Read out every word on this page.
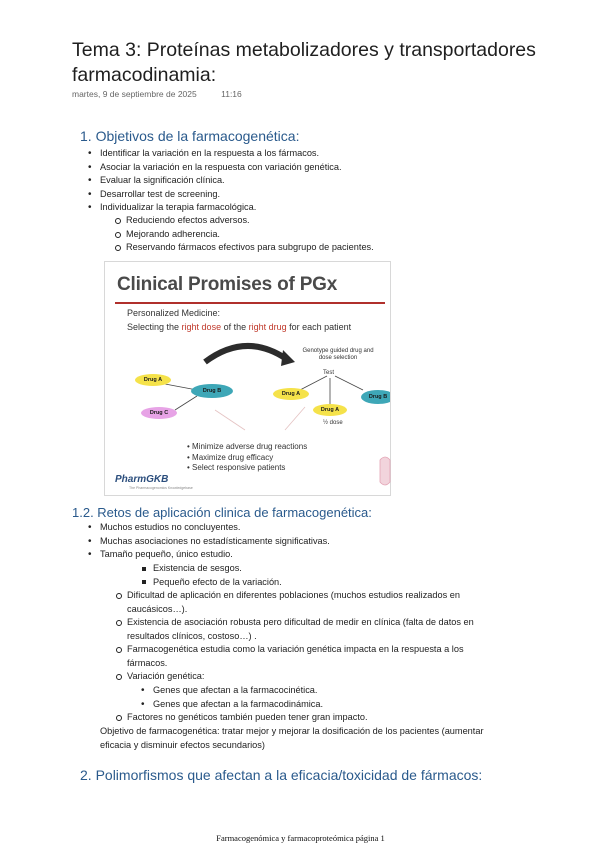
Tema 3: Proteínas metabolizadores y transportadores farmacodinamia:
martes, 9 de septiembre de 2025	11:16
1. Objetivos de la farmacogenética:
• Identificar la variación en la respuesta a los fármacos.
• Asociar la variación en la respuesta con variación genética.
• Evaluar la significación clínica.
• Desarrollar test de screening.
• Individualizar la terapia farmacológica.
Reduciendo efectos adversos.
Mejorando adherencia.
Reservando fármacos efectivos para subgrupo de pacientes.
Clinical Promises of PGx
Personalized Medicine:
Selecting the right dose of the right drug for each patient
Genotype guided drug and dose selection
Test
Drug A
Drug B
Drug C
Drug A
Drug A
Drug B
½ dose
• Minimize adverse drug reactions
• Maximize drug efficacy
• Select responsive patients
PharmGKB
The Pharmacogenomics Knowledgebase
1.2. Retos de aplicación clinica de farmacogenética:
• Muchos estudios no concluyentes.
• Muchas asociaciones no estadísticamente significativas.
• Tamaño pequeño, único estudio.
Existencia de sesgos.
Pequeño efecto de la variación.
Dificultad de aplicación en diferentes poblaciones (muchos estudios realizados en caucásicos…).
Existencia de asociación robusta pero dificultad de medir en clínica (falta de datos en resultados clínicos, costoso…) .
Farmacogenética estudia como la variación genética impacta en la respuesta a los fármacos.
Variación genética:
• Genes que afectan a la farmacocinética.
• Genes que afectan a la farmacodinámica.
Factores no genéticos también pueden tener gran impacto.
Objetivo de farmacogenética: tratar mejor y mejorar la dosificación de los pacientes (aumentar eficacia y disminuir efectos secundarios)
2. Polimorfismos que afectan a la eficacia/toxicidad de fármacos:
Farmacogenómica y farmacoproteómica página 1
